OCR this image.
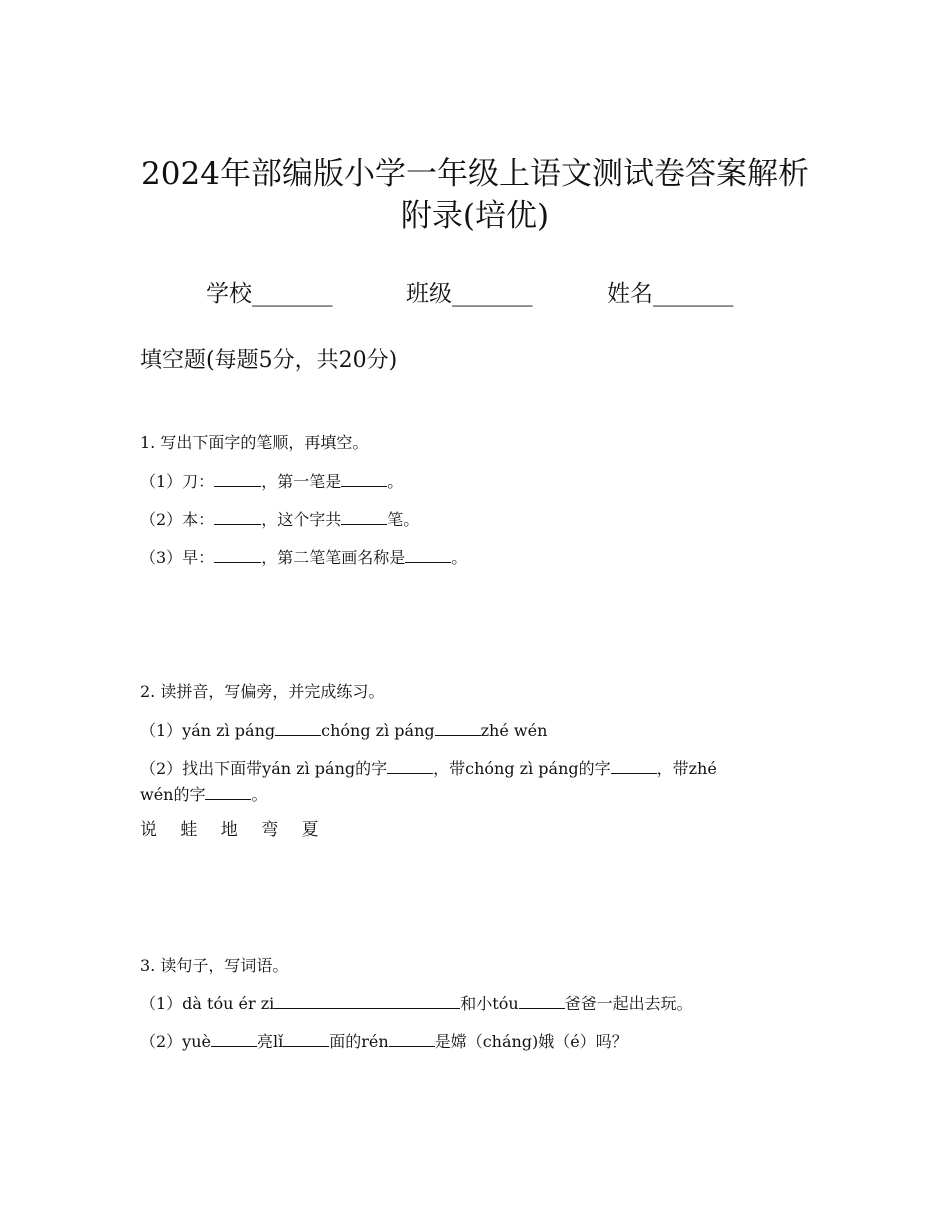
2024年部编版小学一年级上语文测试卷答案解析
附录(培优)
学校_______	班级_______	姓名_______
填空题(每题5分，共20分)
1. 写出下面字的笔顺，再填空。
（1）刀：	，第一笔是	。
（2）本：	，这个字共	笔。
（3）早：	，第二笔笔画名称是	。
2. 读拼音，写偏旁，并完成练习。
（1）yán zì páng	chóng zì páng	zhé wén
（2）找出下面带yán zì páng的字	，带chóng zì páng的字	，带zhé
wén的字	。
说 蛙 地 弯 夏
3. 读句子，写词语。
（1）dà tóu ér zi	和小tóu	爸爸一起出去玩。
（2）yuè	亮lǐ	面的rén	是嫦（cháng)娥（é）吗？
